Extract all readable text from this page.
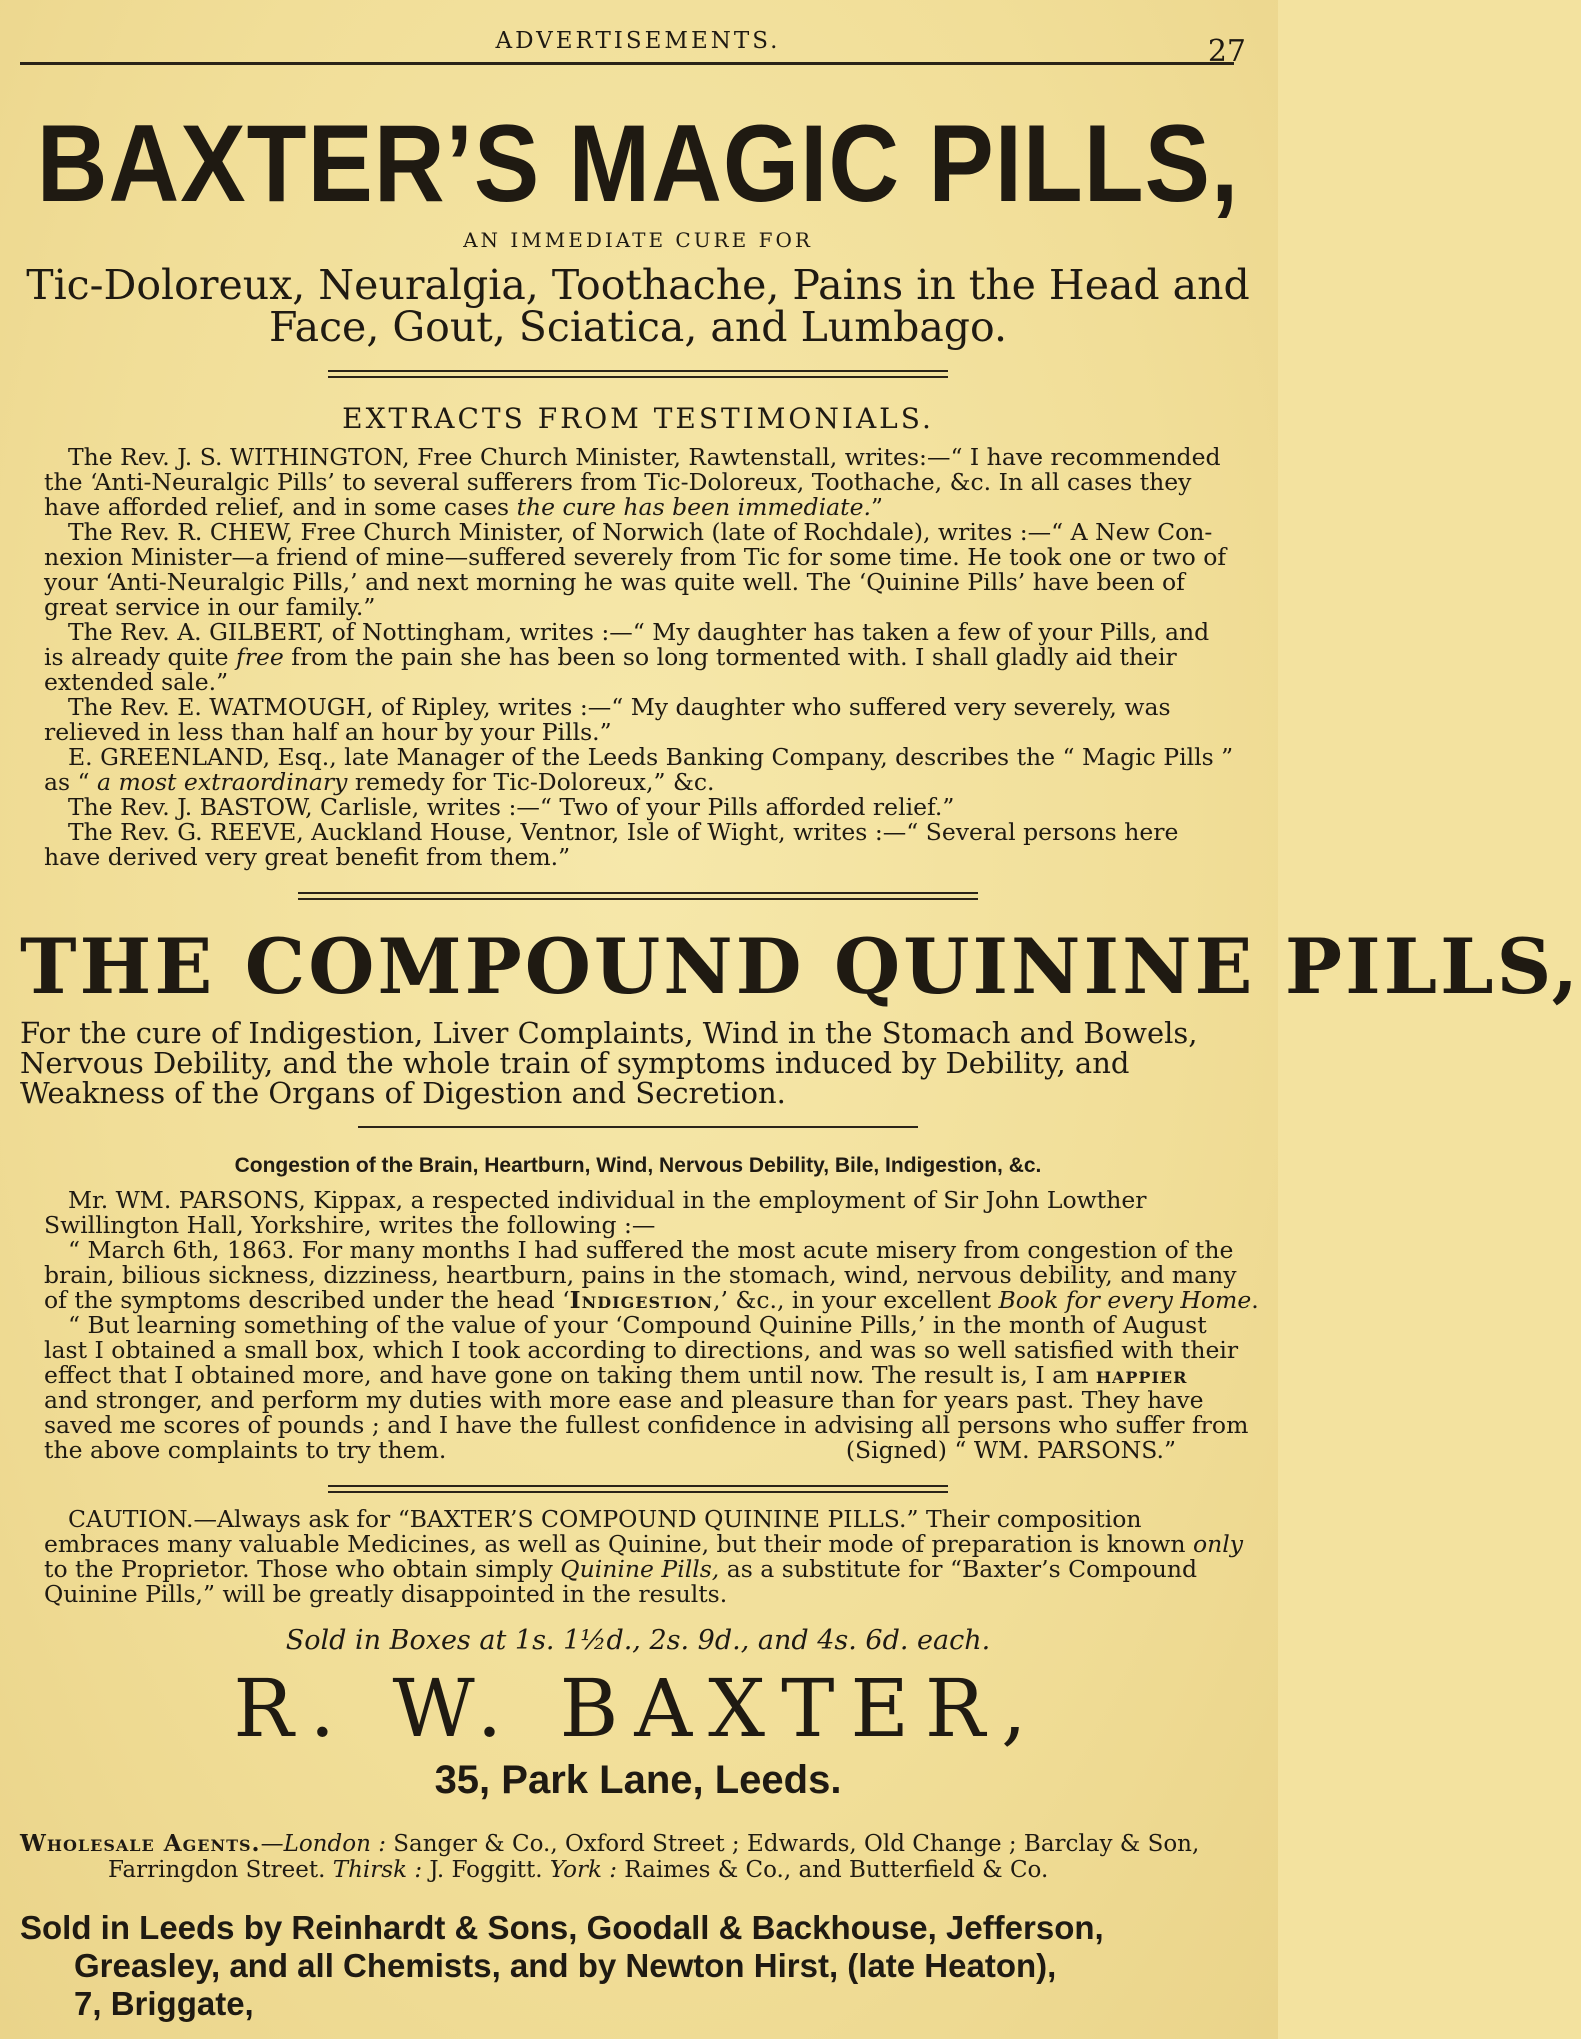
ADVERTISEMENTS.	27
BAXTER’S MAGIC PILLS,
AN IMMEDIATE CURE FOR
Tic-Doloreux, Neuralgia, Toothache, Pains in the Head and
Face, Gout, Sciatica, and Lumbago.
EXTRACTS FROM TESTIMONIALS.
The Rev. J. S. WITHINGTON, Free Church Minister, Rawtenstall, writes:—“ I have recommended
the ‘Anti-Neuralgic Pills’ to several sufferers from Tic-Doloreux, Toothache, &c. In all cases they
have afforded relief, and in some cases the cure has been immediate.”
The Rev. R. CHEW, Free Church Minister, of Norwich (late of Rochdale), writes :—“ A New Con-
nexion Minister—a friend of mine—suffered severely from Tic for some time. He took one or two of
your ‘Anti-Neuralgic Pills,’ and next morning he was quite well. The ‘Quinine Pills’ have been of
great service in our family.”
The Rev. A. GILBERT, of Nottingham, writes :—“ My daughter has taken a few of your Pills, and
is already quite free from the pain she has been so long tormented with. I shall gladly aid their
extended sale.”
The Rev. E. WATMOUGH, of Ripley, writes :—“ My daughter who suffered very severely, was
relieved in less than half an hour by your Pills.”
E. GREENLAND, Esq., late Manager of the Leeds Banking Company, describes the “ Magic Pills ”
as “ a most extraordinary remedy for Tic-Doloreux,” &c.
The Rev. J. BASTOW, Carlisle, writes :—“ Two of your Pills afforded relief.”
The Rev. G. REEVE, Auckland House, Ventnor, Isle of Wight, writes :—“ Several persons here
have derived very great benefit from them.”
THE COMPOUND QUININE PILLS,
For the cure of Indigestion, Liver Complaints, Wind in the Stomach and Bowels,
Nervous Debility, and the whole train of symptoms induced by Debility, and
Weakness of the Organs of Digestion and Secretion.
Congestion of the Brain, Heartburn, Wind, Nervous Debility, Bile, Indigestion, &c.
Mr. WM. PARSONS, Kippax, a respected individual in the employment of Sir John Lowther
Swillington Hall, Yorkshire, writes the following :—
“ March 6th, 1863. For many months I had suffered the most acute misery from congestion of the
brain, bilious sickness, dizziness, heartburn, pains in the stomach, wind, nervous debility, and many
of the symptoms described under the head ‘Indigestion,’ &c., in your excellent Book for every Home.
“ But learning something of the value of your ‘Compound Quinine Pills,’ in the month of August
last I obtained a small box, which I took according to directions, and was so well satisfied with their
effect that I obtained more, and have gone on taking them until now. The result is, I am happier
and stronger, and perform my duties with more ease and pleasure than for years past. They have
saved me scores of pounds ; and I have the fullest confidence in advising all persons who suffer from
the above complaints to try them.	(Signed) “ WM. PARSONS.”
CAUTION.—Always ask for “BAXTER’S COMPOUND QUININE PILLS.” Their composition
embraces many valuable Medicines, as well as Quinine, but their mode of preparation is known only
to the Proprietor. Those who obtain simply Quinine Pills, as a substitute for “Baxter’s Compound
Quinine Pills,” will be greatly disappointed in the results.
Sold in Boxes at 1s. 1½d., 2s. 9d., and 4s. 6d. each.
R. W. BAXTER,
35, Park Lane, Leeds.
Wholesale Agents.—London : Sanger & Co., Oxford Street ; Edwards, Old Change ; Barclay & Son,
Farringdon Street. Thirsk : J. Foggitt. York : Raimes & Co., and Butterfield & Co.
Sold in Leeds by Reinhardt & Sons, Goodall & Backhouse, Jefferson,
Greasley, and all Chemists, and by Newton Hirst, (late Heaton),
7, Briggate,
